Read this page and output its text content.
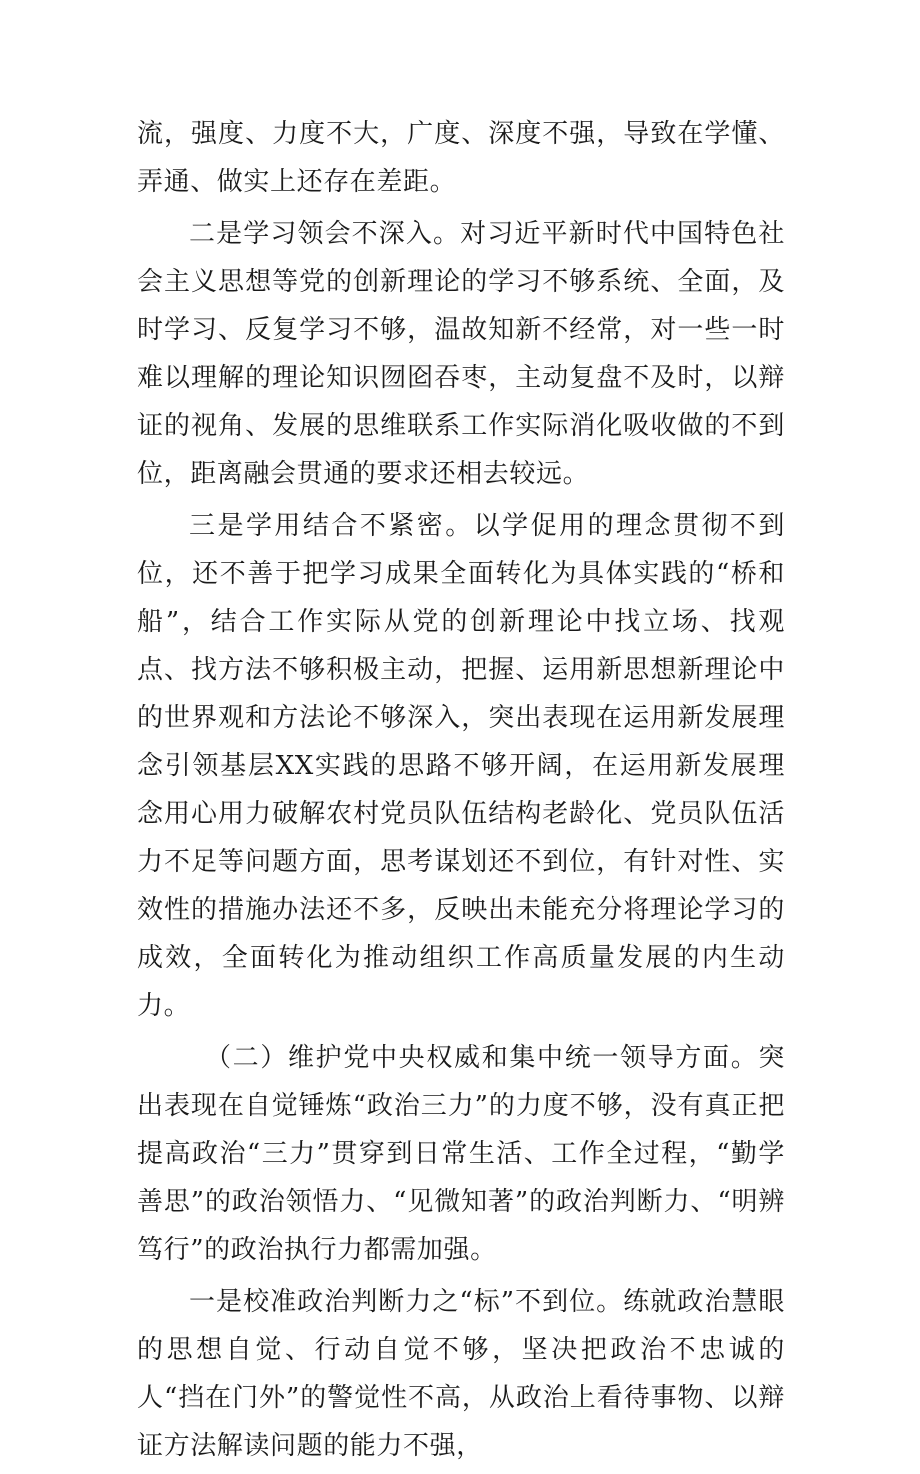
流，强度、力度不大，广度、深度不强，导致在学懂、弄通、做实上还存在差距。

二是学习领会不深入。对习近平新时代中国特色社会主义思想等党的创新理论的学习不够系统、全面，及时学习、反复学习不够，温故知新不经常，对一些一时难以理解的理论知识囫囵吞枣，主动复盘不及时，以辩证的视角、发展的思维联系工作实际消化吸收做的不到位，距离融会贯通的要求还相去较远。

三是学用结合不紧密。以学促用的理念贯彻不到位，还不善于把学习成果全面转化为具体实践的“桥和船”，结合工作实际从党的创新理论中找立场、找观点、找方法不够积极主动，把握、运用新思想新理论中的世界观和方法论不够深入，突出表现在运用新发展理念引领基层XX实践的思路不够开阔，在运用新发展理念用心用力破解农村党员队伍结构老龄化、党员队伍活力不足等问题方面，思考谋划还不到位，有针对性、实效性的措施办法还不多，反映出未能充分将理论学习的成效，全面转化为推动组织工作高质量发展的内生动力。

（二）维护党中央权威和集中统一领导方面。突出表现在自觉锤炼“政治三力”的力度不够，没有真正把提高政治“三力”贯穿到日常生活、工作全过程，“勤学善思”的政治领悟力、“见微知著”的政治判断力、“明辨笃行”的政治执行力都需加强。

一是校准政治判断力之“标”不到位。练就政治慧眼的思想自觉、行动自觉不够，坚决把政治不忠诚的人“挡在门外”的警觉性不高，从政治上看待事物、以辩证方法解读问题的能力不强，
